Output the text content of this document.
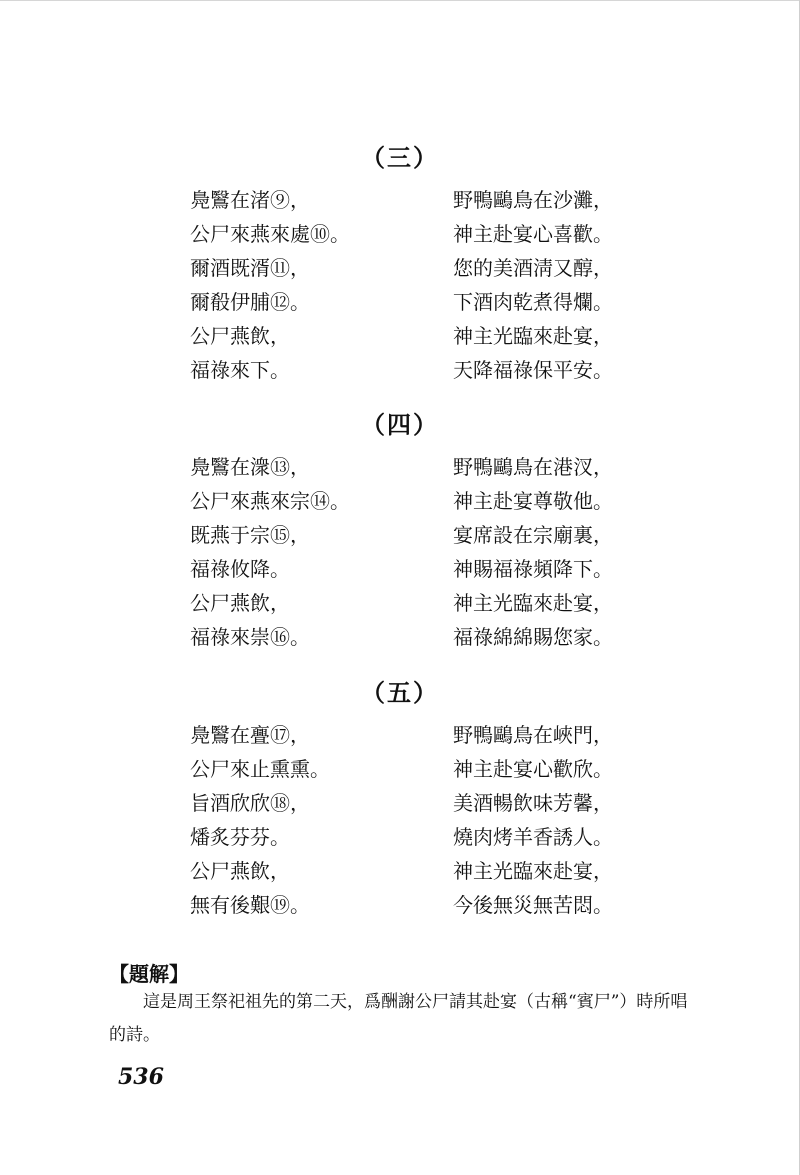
（三）
鳧鷖在渚⑨，	野鴨鷗鳥在沙灘，
公尸來燕來處⑩。	神主赴宴心喜歡。
爾酒既湑⑪，	您的美酒淸又醇，
爾殽伊脯⑫。	下酒肉乾煮得爛。
公尸燕飲，	神主光臨來赴宴，
福祿來下。	天降福祿保平安。
（四）
鳧鷖在潨⑬，	野鴨鷗鳥在港汊，
公尸來燕來宗⑭。	神主赴宴尊敬他。
既燕于宗⑮，	宴席設在宗廟裏，
福祿攸降。	神賜福祿頻降下。
公尸燕飲，	神主光臨來赴宴，
福祿來崇⑯。	福祿綿綿賜您家。
（五）
鳧鷖在亹⑰，	野鴨鷗鳥在峽門，
公尸來止熏熏。	神主赴宴心歡欣。
旨酒欣欣⑱，	美酒暢飲味芳馨，
燔炙芬芬。	燒肉烤羊香誘人。
公尸燕飲，	神主光臨來赴宴，
無有後艱⑲。	今後無災無苦悶。
【題解】
這是周王祭祀祖先的第二天，爲酬謝公尸請其赴宴（古稱“賓尸”）時所唱的詩。
536
